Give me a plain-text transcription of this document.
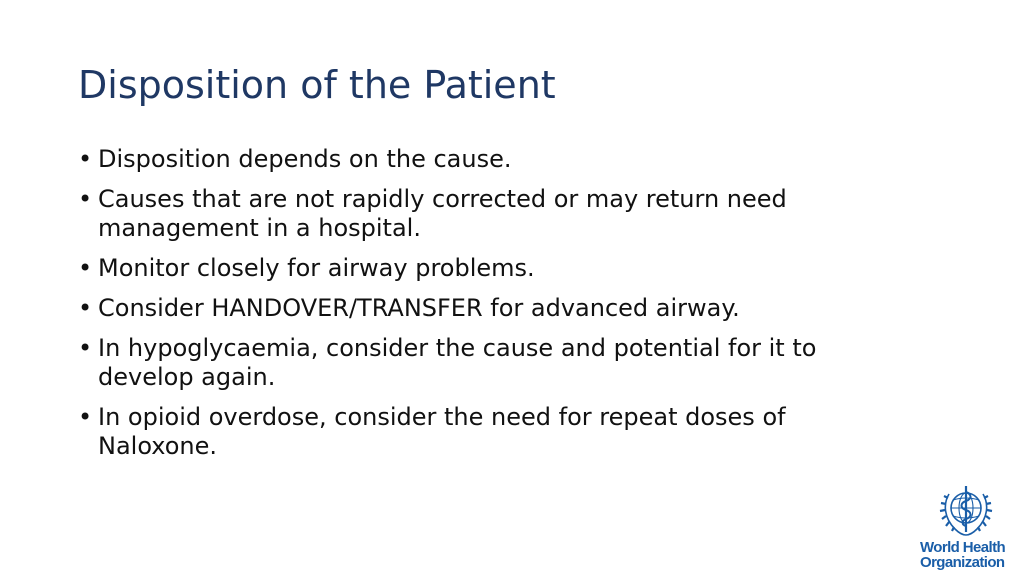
Disposition of the Patient
• Disposition depends on the cause.
• Causes that are not rapidly corrected or may return need management in a hospital.
• Monitor closely for airway problems.
• Consider HANDOVER/TRANSFER for advanced airway.
• In hypoglycaemia, consider the cause and potential for it to develop again.
• In opioid overdose, consider the need for repeat doses of Naloxone.
World Health
Organization
